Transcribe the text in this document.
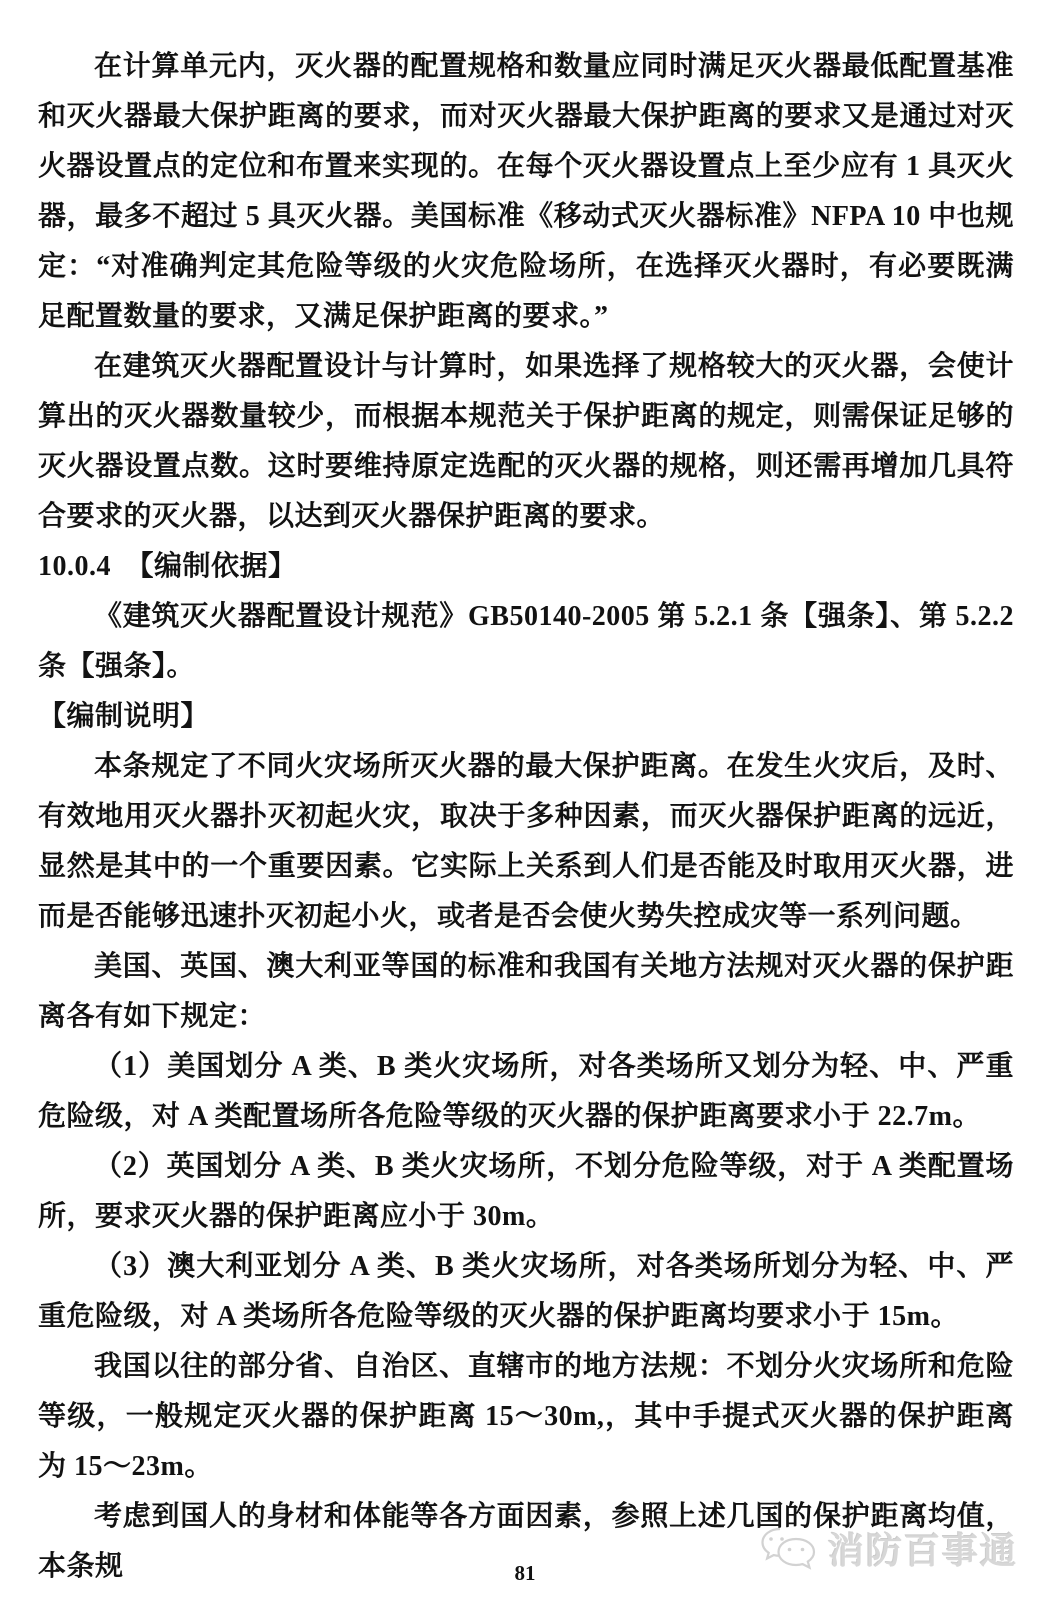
在计算单元内，灭火器的配置规格和数量应同时满足灭火器最低配置基准和灭火器最大保护距离的要求，而对灭火器最大保护距离的要求又是通过对灭火器设置点的定位和布置来实现的。在每个灭火器设置点上至少应有 1 具灭火器，最多不超过 5 具灭火器。美国标准《移动式灭火器标准》NFPA 10 中也规定：“对准确判定其危险等级的火灾危险场所，在选择灭火器时，有必要既满足配置数量的要求，又满足保护距离的要求。”

在建筑灭火器配置设计与计算时，如果选择了规格较大的灭火器，会使计算出的灭火器数量较少，而根据本规范关于保护距离的规定，则需保证足够的灭火器设置点数。这时要维持原定选配的灭火器的规格，则还需再增加几具符合要求的灭火器，以达到灭火器保护距离的要求。

10.0.4　【编制依据】

《建筑灭火器配置设计规范》GB50140-2005 第 5.2.1 条【强条】、第 5.2.2 条【强条】。

【编制说明】

本条规定了不同火灾场所灭火器的最大保护距离。在发生火灾后，及时、有效地用灭火器扑灭初起火灾，取决于多种因素，而灭火器保护距离的远近，显然是其中的一个重要因素。它实际上关系到人们是否能及时取用灭火器，进而是否能够迅速扑灭初起小火，或者是否会使火势失控成灾等一系列问题。

美国、英国、澳大利亚等国的标准和我国有关地方法规对灭火器的保护距离各有如下规定：

（1）美国划分 A 类、B 类火灾场所，对各类场所又划分为轻、中、严重危险级，对 A 类配置场所各危险等级的灭火器的保护距离要求小于 22.7m。

（2）英国划分 A 类、B 类火灾场所，不划分危险等级，对于 A 类配置场所，要求灭火器的保护距离应小于 30m。

（3）澳大利亚划分 A 类、B 类火灾场所，对各类场所划分为轻、中、严重危险级，对 A 类场所各危险等级的灭火器的保护距离均要求小于 15m。

我国以往的部分省、自治区、直辖市的地方法规：不划分火灾场所和危险等级，一般规定灭火器的保护距离 15～30m,，其中手提式灭火器的保护距离为 15～23m。

考虑到国人的身材和体能等各方面因素，参照上述几国的保护距离均值，本条规	消防百事通
81
